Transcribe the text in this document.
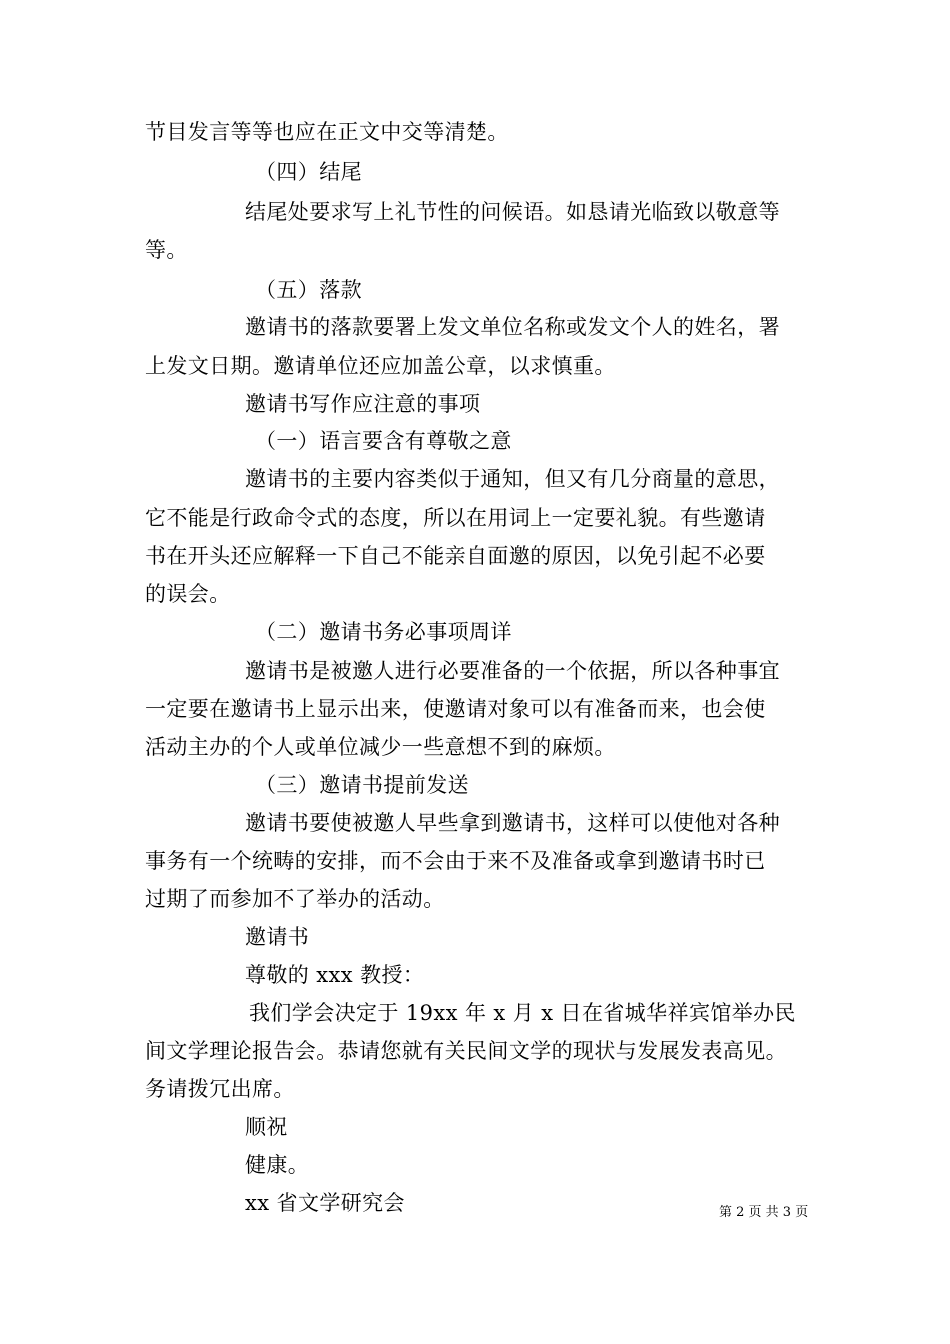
节目发言等等也应在正文中交等清楚。
（四）结尾
结尾处要求写上礼节性的问候语。如恳请光临致以敬意等
等。
（五）落款
邀请书的落款要署上发文单位名称或发文个人的姓名，署
上发文日期。邀请单位还应加盖公章，以求慎重。
邀请书写作应注意的事项
（一）语言要含有尊敬之意
邀请书的主要内容类似于通知，但又有几分商量的意思，
它不能是行政命令式的态度，所以在用词上一定要礼貌。有些邀请
书在开头还应解释一下自己不能亲自面邀的原因，以免引起不必要
的误会。
（二）邀请书务必事项周详
邀请书是被邀人进行必要准备的一个依据，所以各种事宜
一定要在邀请书上显示出来，使邀请对象可以有准备而来，也会使
活动主办的个人或单位减少一些意想不到的麻烦。
（三）邀请书提前发送
邀请书要使被邀人早些拿到邀请书，这样可以使他对各种
事务有一个统畴的安排，而不会由于来不及准备或拿到邀请书时已
过期了而参加不了举办的活动。
邀请书
尊敬的 xxx 教授：
我们学会决定于 19xx 年 x 月 x 日在省城华祥宾馆举办民
间文学理论报告会。恭请您就有关民间文学的现状与发展发表高见。
务请拨冗出席。
顺祝
健康。
xx 省文学研究会	第 2 页 共 3 页
